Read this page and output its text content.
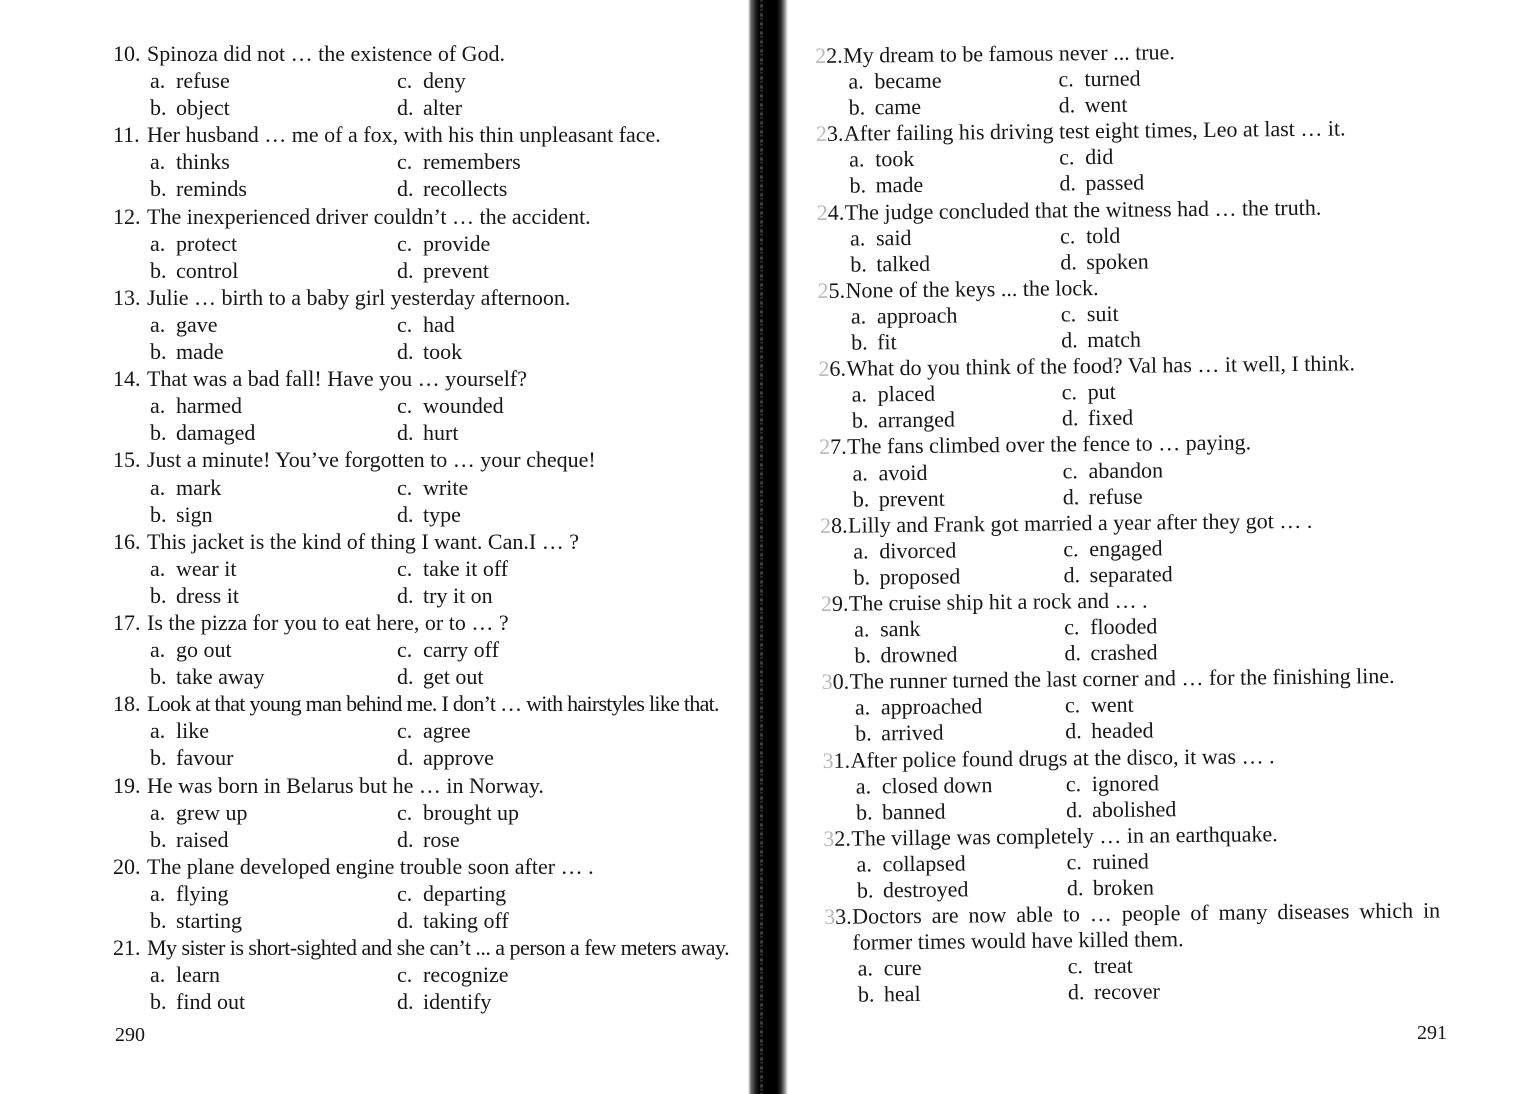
10. Spinoza did not … the existence of God.
a. refuse
b. object
c. deny
d. alter
11. Her husband … me of a fox, with his thin unpleasant face.
a. thinks
b. reminds
c. remembers
d. recollects
12. The inexperienced driver couldn’t … the accident.
a. protect
b. control
c. provide
d. prevent
13. Julie … birth to a baby girl yesterday afternoon.
a. gave
b. made
c. had
d. took
14. That was a bad fall! Have you … yourself?
a. harmed
b. damaged
c. wounded
d. hurt
15. Just a minute! You’ve forgotten to … your cheque!
a. mark
b. sign
c. write
d. type
16. This jacket is the kind of thing I want. Can.I … ?
a. wear it
b. dress it
c. take it off
d. try it on
17. Is the pizza for you to eat here, or to … ?
a. go out
b. take away
c. carry off
d. get out
18. Look at that young man behind me. I don’t … with hairstyles like that.
a. like
b. favour
c. agree
d. approve
19. He was born in Belarus but he … in Norway.
a. grew up
b. raised
c. brought up
d. rose
20. The plane developed engine trouble soon after … .
a. flying
b. starting
c. departing
d. taking off
21. My sister is short-sighted and she can’t ... a person a few meters away.
a. learn
b. find out
c. recognize
d. identify
22. My dream to be famous never ... true.
a. became
b. came
c. turned
d. went
23. After failing his driving test eight times, Leo at last … it.
a. took
b. made
c. did
d. passed
24. The judge concluded that the witness had … the truth.
a. said
b. talked
c. told
d. spoken
25. None of the keys ... the lock.
a. approach
b. fit
c. suit
d. match
26. What do you think of the food? Val has … it well, I think.
a. placed
b. arranged
c. put
d. fixed
27. The fans climbed over the fence to … paying.
a. avoid
b. prevent
c. abandon
d. refuse
28. Lilly and Frank got married a year after they got … .
a. divorced
b. proposed
c. engaged
d. separated
29. The cruise ship hit a rock and … .
a. sank
b. drowned
c. flooded
d. crashed
30. The runner turned the last corner and … for the finishing line.
a. approached
b. arrived
c. went
d. headed
31. After police found drugs at the disco, it was … .
a. closed down
b. banned
c. ignored
d. abolished
32. The village was completely … in an earthquake.
a. collapsed
b. destroyed
c. ruined
d. broken
33. Doctors are now able to … people of many diseases which in former times would have killed them.
a. cure
b. heal
c. treat
d. recover
290	291
